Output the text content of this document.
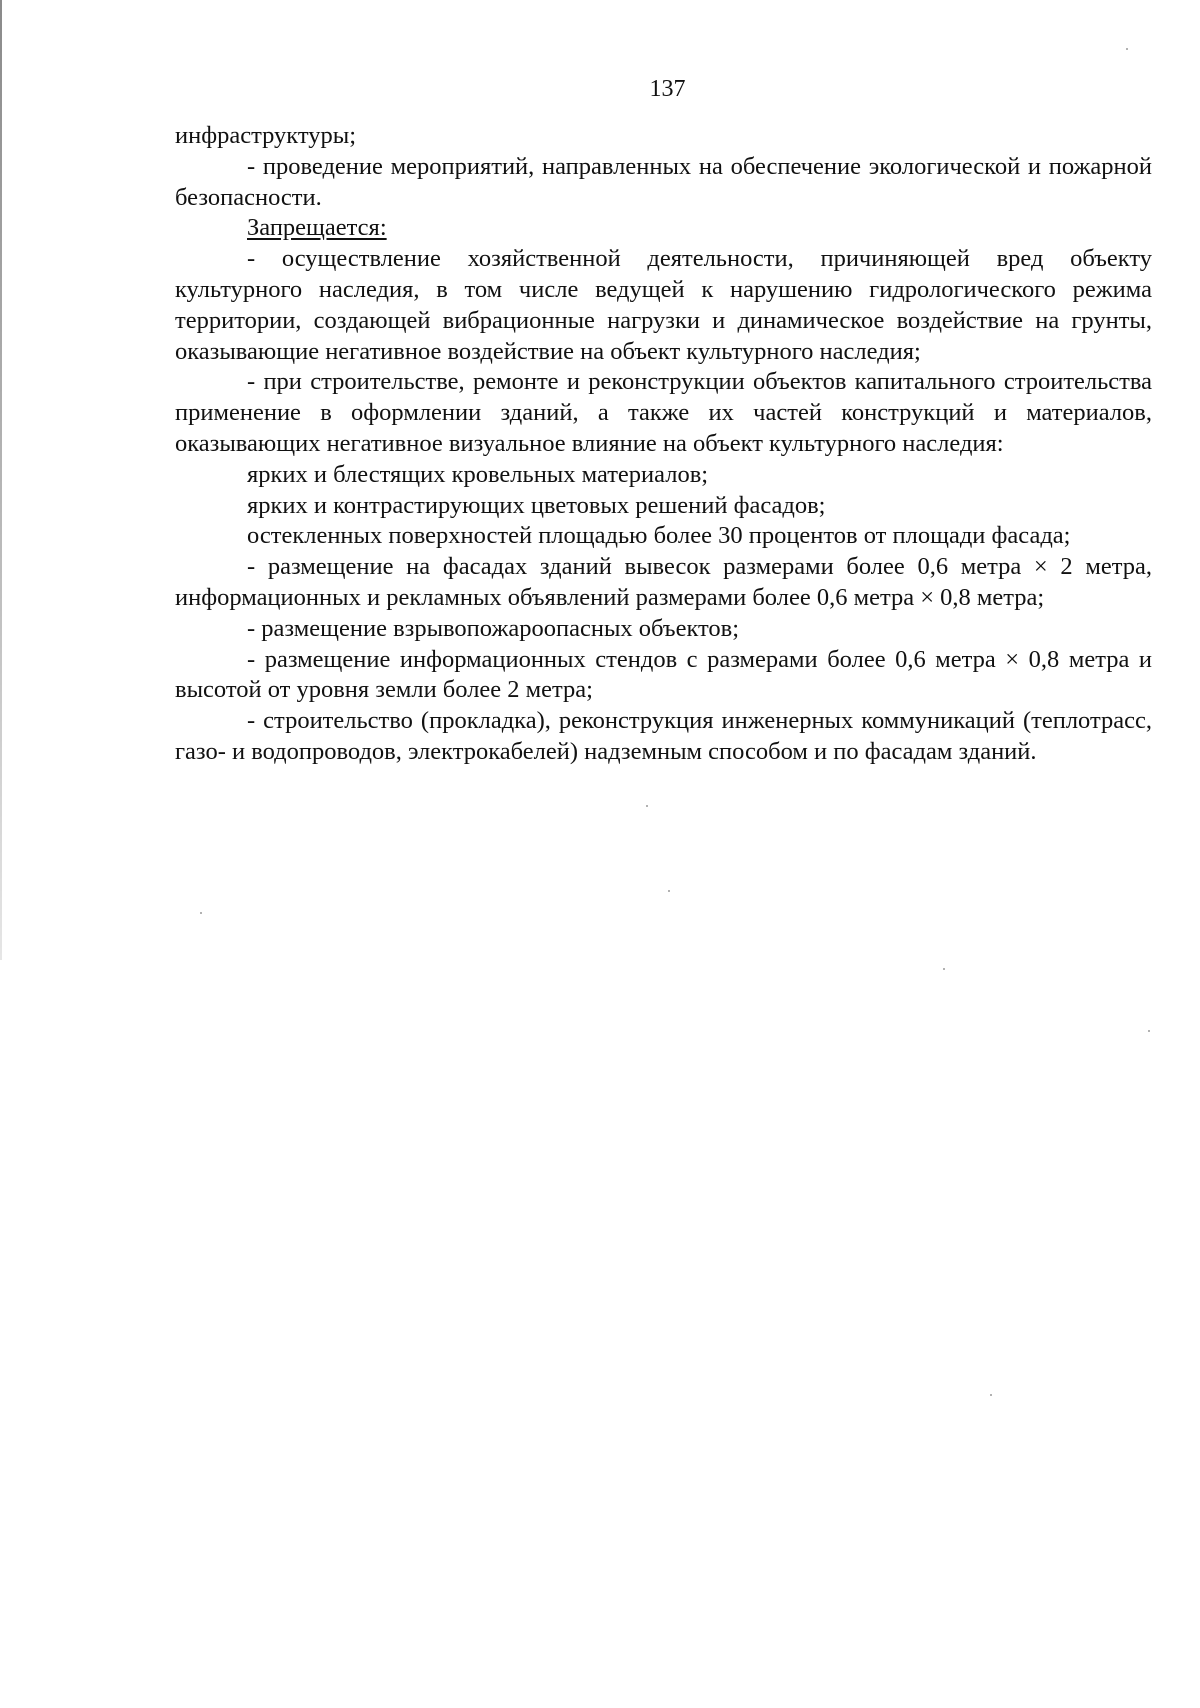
137

инфраструктуры;

- проведение мероприятий, направленных на обеспечение экологической и пожарной безопасности.

Запрещается:

- осуществление хозяйственной деятельности, причиняющей вред объекту культурного наследия, в том числе ведущей к нарушению гидрологического режима территории, создающей вибрационные нагрузки и динамическое воздействие на грунты, оказывающие негативное воздействие на объект культурного наследия;

- при строительстве, ремонте и реконструкции объектов капитального строительства применение в оформлении зданий, а также их частей конструкций и материалов, оказывающих негативное визуальное влияние на объект культурного наследия:

ярких и блестящих кровельных материалов;

ярких и контрастирующих цветовых решений фасадов;

остекленных поверхностей площадью более 30 процентов от площади фасада;

- размещение на фасадах зданий вывесок размерами более 0,6 метра × 2 метра, информационных и рекламных объявлений размерами более 0,6 метра × 0,8 метра;

- размещение взрывопожароопасных объектов;

- размещение информационных стендов с размерами более 0,6 метра × 0,8 метра и высотой от уровня земли более 2 метра;

- строительство (прокладка), реконструкция инженерных коммуникаций (теплотрасс, газо- и водопроводов, электрокабелей) надземным способом и по фасадам зданий.
